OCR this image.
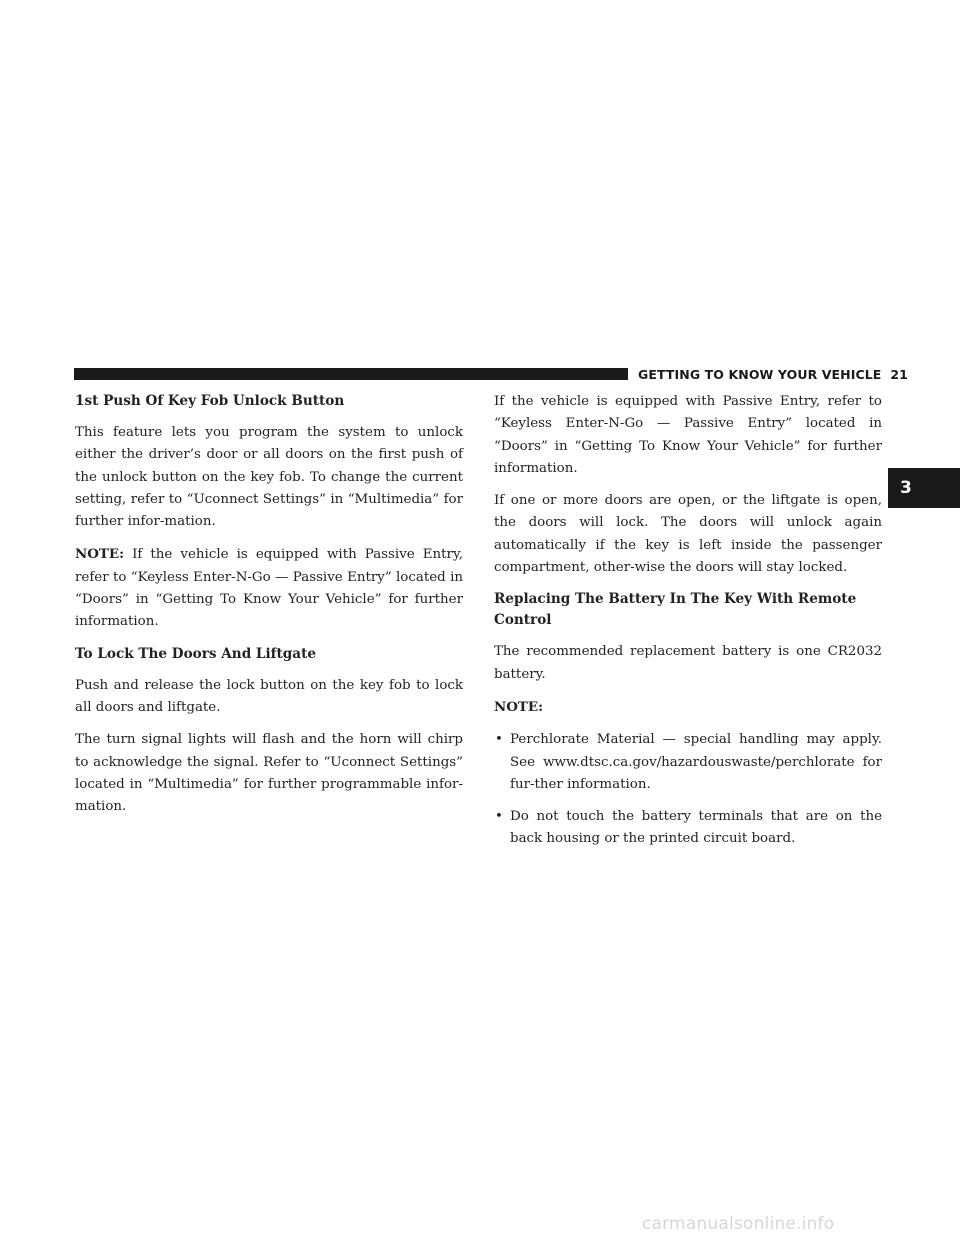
GETTING TO KNOW YOUR VEHICLE 21
3
1st Push Of Key Fob Unlock Button

This feature lets you program the system to unlock either the driver’s door or all doors on the first push of the unlock button on the key fob. To change the current setting, refer to “Uconnect Settings” in “Multimedia” for further infor-mation.

NOTE: If the vehicle is equipped with Passive Entry, refer to “Keyless Enter-N-Go — Passive Entry” located in “Doors” in “Getting To Know Your Vehicle” for further information.

To Lock The Doors And Liftgate

Push and release the lock button on the key fob to lock all doors and liftgate.

The turn signal lights will flash and the horn will chirp to acknowledge the signal. Refer to “Uconnect Settings” located in “Multimedia” for further programmable infor-mation.

If the vehicle is equipped with Passive Entry, refer to “Keyless Enter-N-Go — Passive Entry” located in “Doors” in “Getting To Know Your Vehicle” for further information.

If one or more doors are open, or the liftgate is open, the doors will lock. The doors will unlock again automatically if the key is left inside the passenger compartment, other-wise the doors will stay locked.

Replacing The Battery In The Key With Remote Control

The recommended replacement battery is one CR2032 battery.

NOTE:

• Perchlorate Material — special handling may apply. See www.dtsc.ca.gov/hazardouswaste/perchlorate for fur-ther information.
• Do not touch the battery terminals that are on the back housing or the printed circuit board.
carmanualsonline.info
